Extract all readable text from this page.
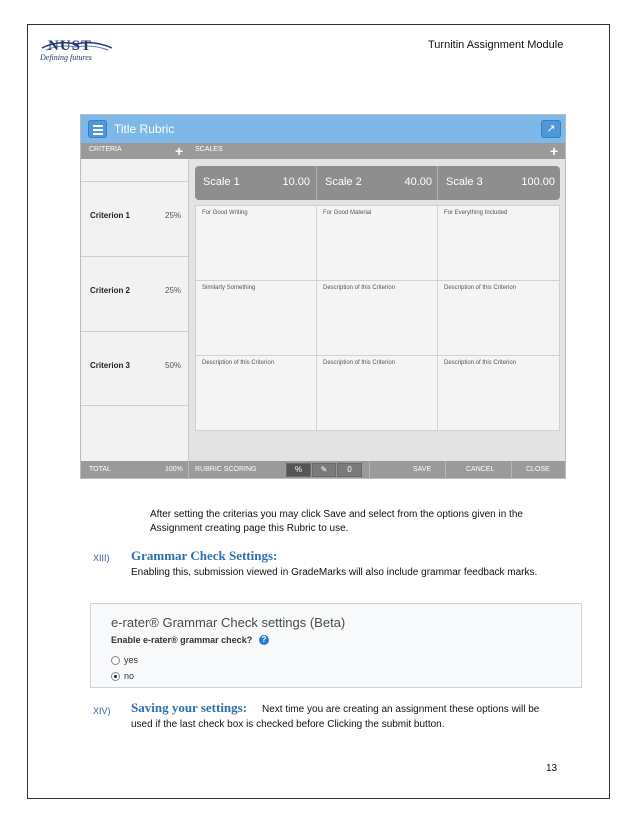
NUST
Defining futures
Turnitin Assignment Module
Title Rubric	↗
CRITERIA	+ SCALES	+
Criterion 1	25%
Criterion 2	25%
Criterion 3	50%
Scale 1	10.00 Scale 2	40.00 Scale 3	100.00
For Good Writing	For Good Material	For Everything Included
Similarty Something	Description of this Criterion	Description of this Criterion
Description of this Criterion	Description of this Criterion	Description of this Criterion
TOTAL	100% RUBRIC SCORING	%	✎	0	SAVE	CANCEL	CLOSE
After setting the criterias you may click Save and select from the options given in the
Assignment creating page this Rubric to use.
XIII) Grammar Check Settings:
Enabling this, submission viewed in GradeMarks will also include grammar feedback marks.
e-rater® Grammar Check settings (Beta)
Enable e-rater® grammar check?	?
yes
no
XIV) Saving your settings: Next time you are creating an assignment these options will be
used if the last check box is checked before Clicking the submit button.
13
